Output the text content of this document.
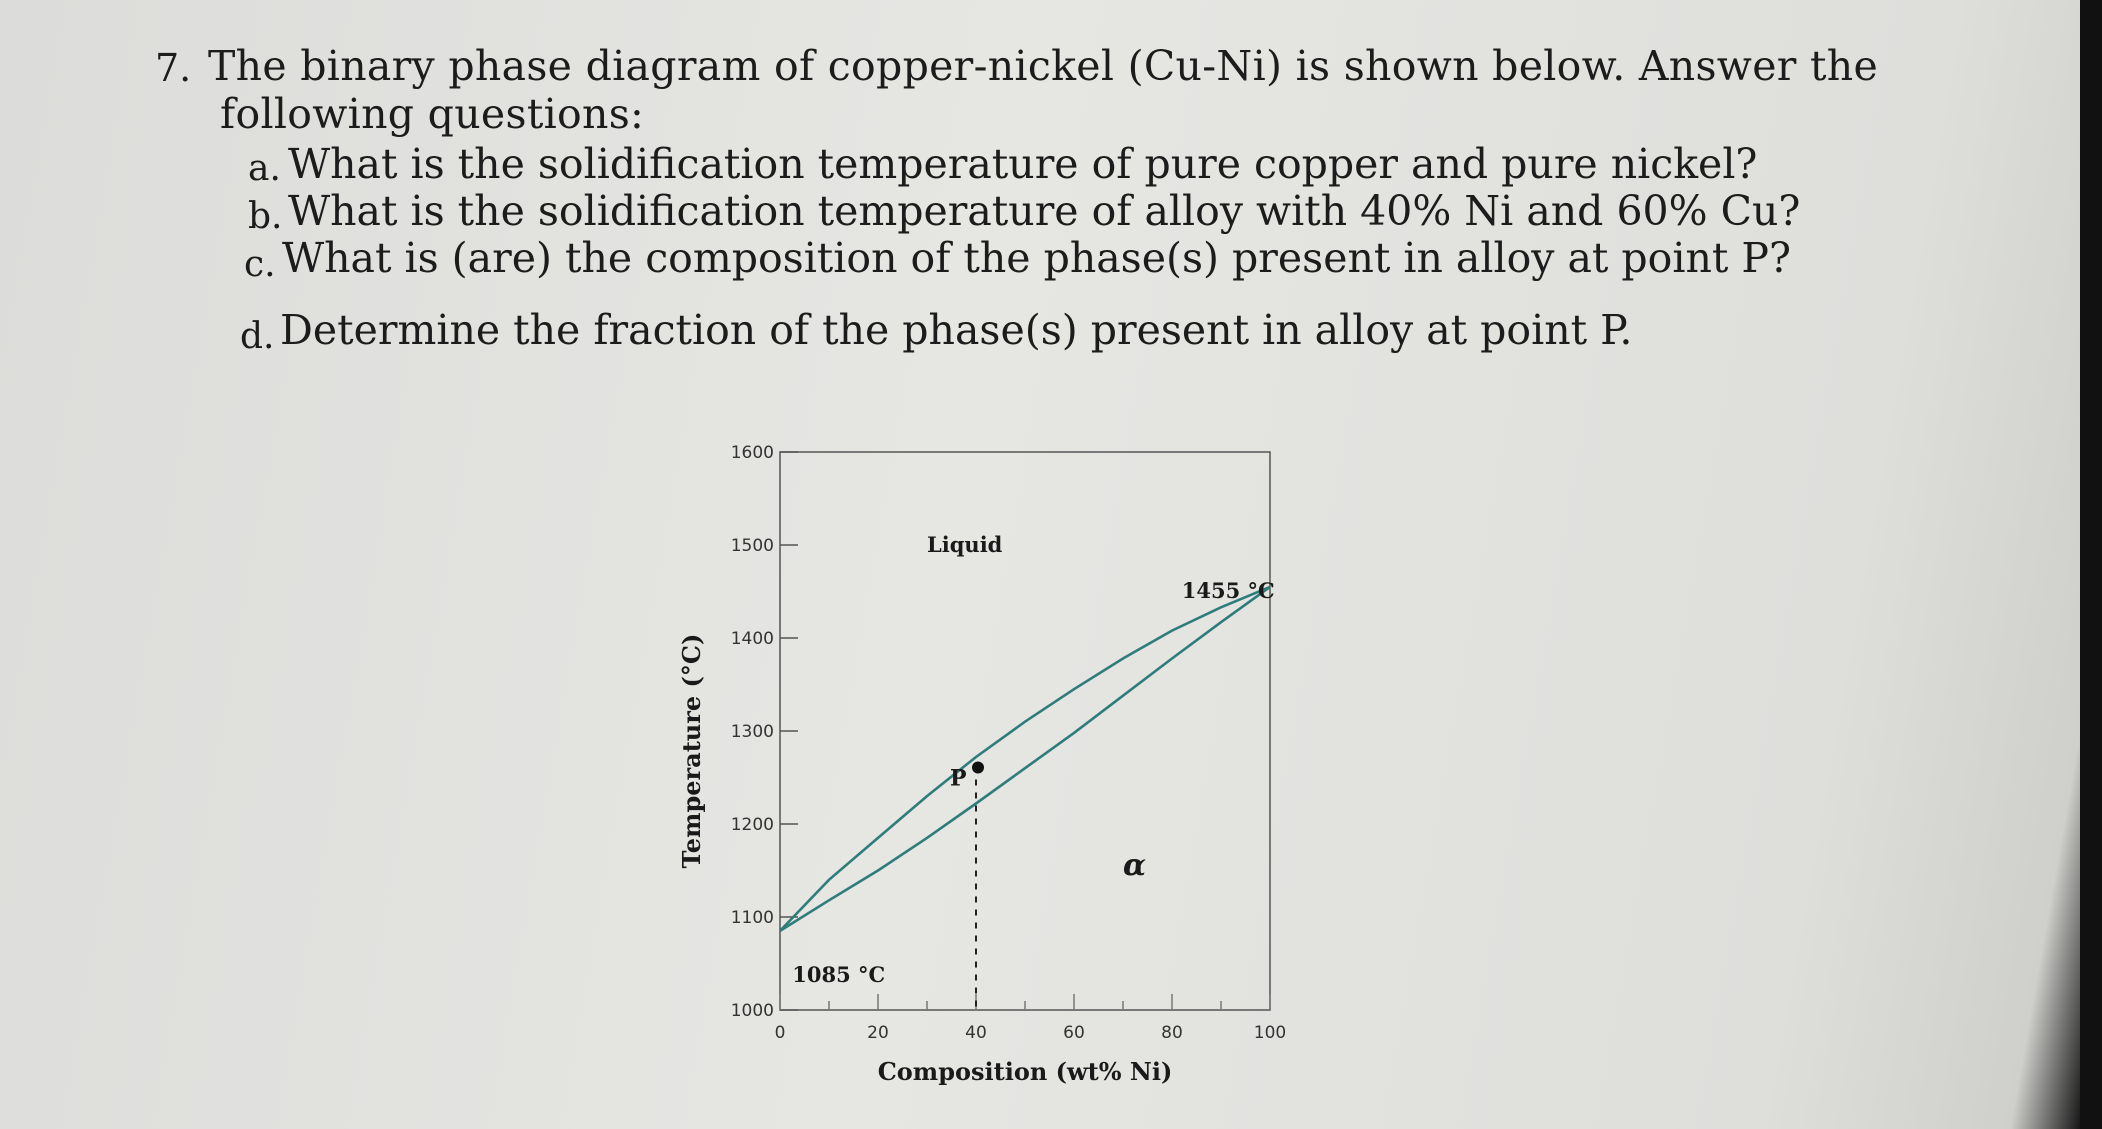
7. The binary phase diagram of copper-nickel (Cu-Ni) is shown below. Answer the
following questions:
a. What is the solidification temperature of pure copper and pure nickel?
b. What is the solidification temperature of alloy with 40% Ni and 60% Cu?
c. What is (are) the composition of the phase(s) present in alloy at point P?
d. Determine the fraction of the phase(s) present in alloy at point P.
1000
1100
1200
1300
1400
1500
1600
0	20	40	60	80	100
P
Liquid
α
1085 °C
1455 °C
Composition (wt% Ni)
Temperature (°C)
